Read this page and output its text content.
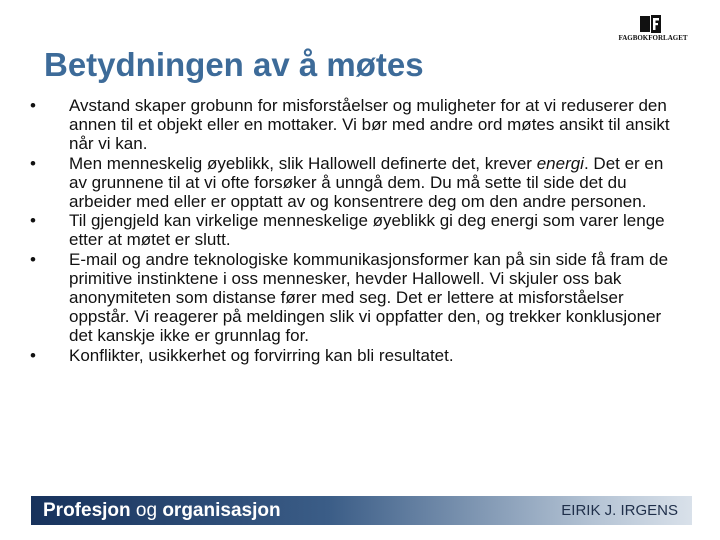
FAGBOKFORLAGET
Betydningen av å møtes
• Avstand skaper grobunn for misforståelser og muligheter for at vi reduserer den annen til et objekt eller en mottaker. Vi bør med andre ord møtes ansikt til ansikt når vi kan.
• Men menneskelig øyeblikk, slik Hallowell definerte det, krever energi. Det er en av grunnene til at vi ofte forsøker å unngå dem. Du må sette til side det du arbeider med eller er opptatt av og konsentrere deg om den andre personen.
• Til gjengjeld kan virkelige menneskelige øyeblikk gi deg energi som varer lenge etter at møtet er slutt.
• E-mail og andre teknologiske kommunikasjonsformer kan på sin side få fram de primitive instinktene i oss mennesker, hevder Hallowell. Vi skjuler oss bak anonymiteten som distanse fører med seg. Det er lettere at misforståelser oppstår. Vi reagerer på meldingen slik vi oppfatter den, og trekker konklusjoner det kanskje ikke er grunnlag for.
• Konflikter, usikkerhet og forvirring kan bli resultatet.
Profesjon og organisasjon	EIRIK J. IRGENS
